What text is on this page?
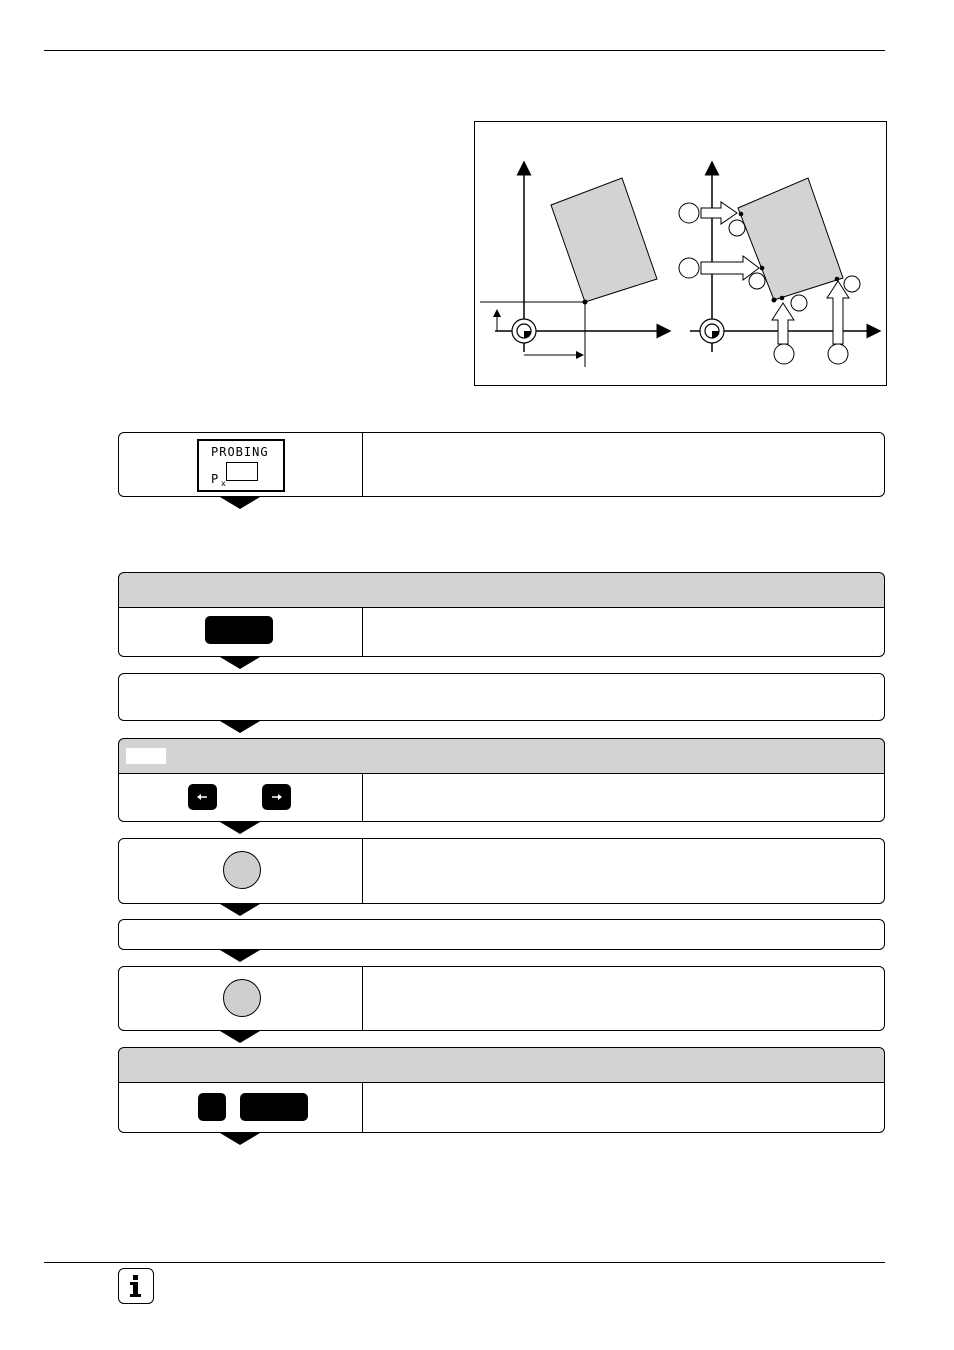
PROBING
P x
